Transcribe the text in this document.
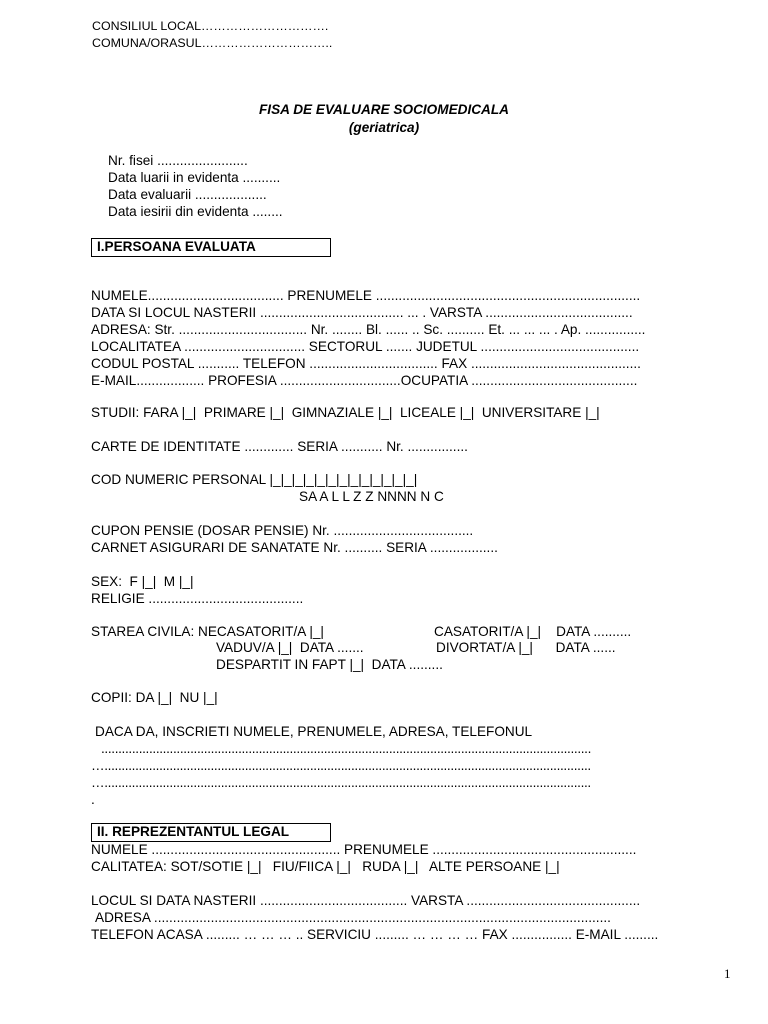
CONSILIUL LOCAL………………………….
COMUNA/ORASUL…………………………..
FISA DE EVALUARE SOCIOMEDICALA
(geriatrica)
Nr. fisei ........................
Data luarii in evidenta ..........
Data evaluarii ...................
Data iesirii din evidenta ........
I.PERSOANA EVALUATA
NUMELE.................................... PRENUMELE ......................................................................
DATA SI LOCUL NASTERII ...................................... ... . VARSTA .......................................
ADRESA: Str. .................................. Nr. ........ Bl. ...... .. Sc. .......... Et. ... ... ... . Ap. ................
LOCALITATEA ................................ SECTORUL ....... JUDETUL ..........................................
CODUL POSTAL ........... TELEFON .................................. FAX .............................................
E-MAIL.................. PROFESIA ................................OCUPATIA ............................................
STUDII: FARA |_|  PRIMARE |_|  GIMNAZIALE |_|  LICEALE |_|  UNIVERSITARE |_|
CARTE DE IDENTITATE ............. SERIA ........... Nr. ................
COD NUMERIC PERSONAL |_|_|_|_|_|_|_|_|_|_|_|_|_|
SA A L L Z Z NNNN N C
CUPON PENSIE (DOSAR PENSIE) Nr. .....................................
CARNET ASIGURARI DE SANATATE Nr. .......... SERIA ..................
SEX:  F |_|  M |_|
RELIGIE .........................................
STAREA CIVILA: NECASATORIT/A |_|	CASATORIT/A |_|    DATA ..........
VADUV/A |_|  DATA .......	DIVORTAT/A |_|      DATA ......
DESPARTIT IN FAPT |_|  DATA .........
COPII: DA |_|  NU |_|
DACA DA, INSCRIETI NUMELE, PRENUMELE, ADRESA, TELEFONUL
...............................................................................................................................................
…..............................................................................................................................................
…..............................................................................................................................................
.
II. REPREZENTANTUL LEGAL
NUMELE .................................................. PRENUMELE ......................................................
CALITATEA: SOT/SOTIE |_|   FIU/FIICA |_|   RUDA |_|   ALTE PERSOANE |_|
LOCUL SI DATA NASTERII ....................................... VARSTA ..............................................
ADRESA .........................................................................................................................
TELEFON ACASA ......... … … … .. SERVICIU ......... … … … … FAX ................ E-MAIL .........
1
